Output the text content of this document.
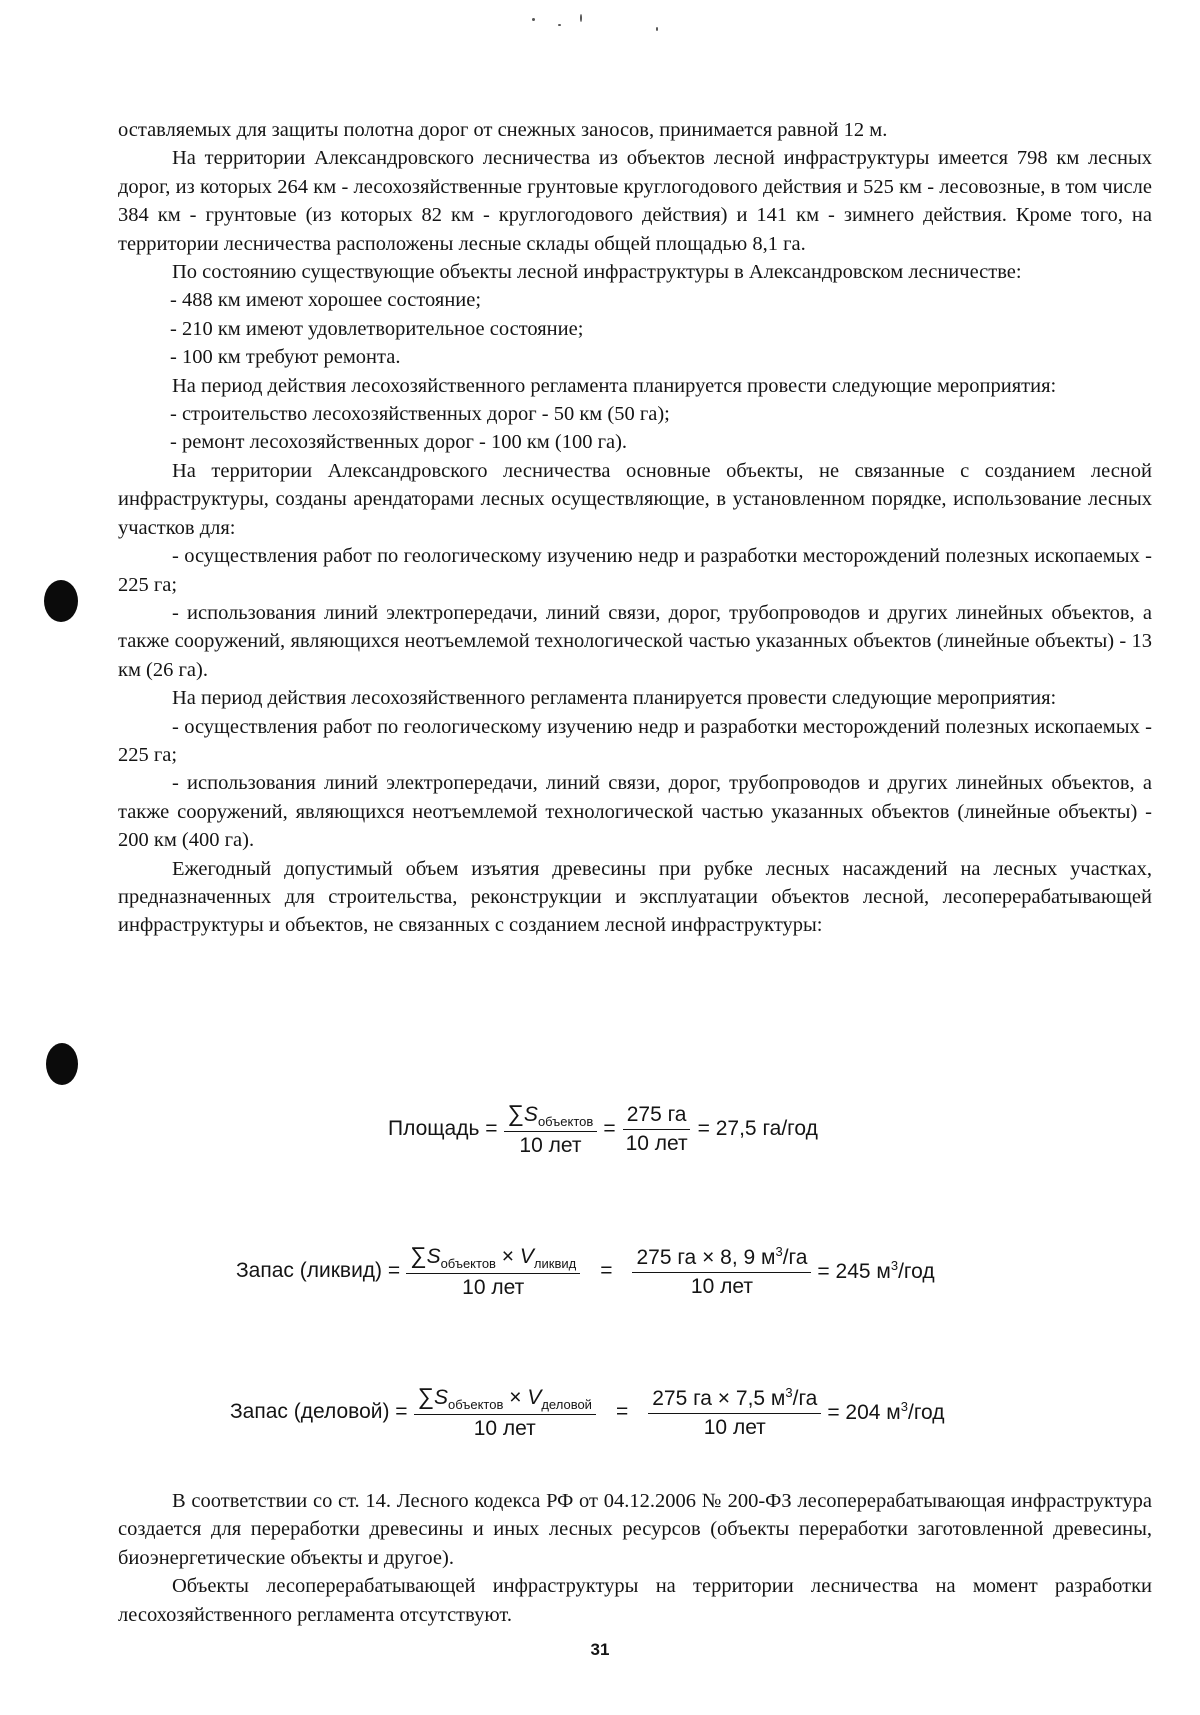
оставляемых для защиты полотна дорог от снежных заносов, принимается равной 12 м.

На территории Александровского лесничества из объектов лесной инфраструктуры имеется 798 км лесных дорог, из которых 264 км - лесохозяйственные грунтовые круглогодового действия и 525 км - лесовозные, в том числе 384 км - грунтовые (из которых 82 км - круглогодового действия) и 141 км - зимнего действия. Кроме того, на территории лесничества расположены лесные склады общей площадью 8,1 га.

По состоянию существующие объекты лесной инфраструктуры в Александровском лесничестве:

- 488 км имеют хорошее состояние;

- 210 км имеют удовлетворительное состояние;

- 100 км требуют ремонта.

На период действия лесохозяйственного регламента планируется провести следующие мероприятия:

- строительство лесохозяйственных дорог - 50 км (50 га);

- ремонт лесохозяйственных дорог - 100 км (100 га).

На территории Александровского лесничества основные объекты, не связанные с созданием лесной инфраструктуры, созданы арендаторами лесных осуществляющие, в установленном порядке, использование лесных участков для:

- осуществления работ по геологическому изучению недр и разработки месторождений полезных ископаемых - 225 га;

- использования линий электропередачи, линий связи, дорог, трубопроводов и других линейных объектов, а также сооружений, являющихся неотъемлемой технологической частью указанных объектов (линейные объекты) - 13 км (26 га).

На период действия лесохозяйственного регламента планируется провести следующие мероприятия:

- осуществления работ по геологическому изучению недр и разработки месторождений полезных ископаемых - 225 га;

- использования линий электропередачи, линий связи, дорог, трубопроводов и других линейных объектов, а также сооружений, являющихся неотъемлемой технологической частью указанных объектов (линейные объекты) - 200 км (400 га).

Ежегодный допустимый объем изъятия древесины при рубке лесных насаждений на лесных участках, предназначенных для строительства, реконструкции и эксплуатации объектов лесной, лесоперерабатывающей инфраструктуры и объектов, не связанных с созданием лесной инфраструктуры:

Площадь = $\frac{\sum S_{объектов}}{\text{10 лет}} = \frac{275 га}{\text{10 лет}} = 27,5$ га/год
Запас (ликвид) = $\frac{\sum S_{объектов} \times V_{ликвид}}{\text{10 лет}} = \frac{275 га \times 8, 9 м^3/га}{\text{10 лет}} = 245$ $м^3$/год
Запас (деловой) = $\frac{\sum S_{объектов} \times V_{деловой}}{\text{10 лет}} = \frac{275 га \times 7,5 м^3/га}{\text{10 лет}} = 204$ $м^3$/год

В соответствии со ст. 14. Лесного кодекса РФ от 04.12.2006 № 200-ФЗ лесоперерабатывающая инфраструктура создается для переработки древесины и иных лесных ресурсов (объекты переработки заготовленной древесины, биоэнергетические объекты и другое).

Объекты лесоперерабатывающей инфраструктуры на территории лесничества на момент разработки лесохозяйственного регламента отсутствуют.

31
